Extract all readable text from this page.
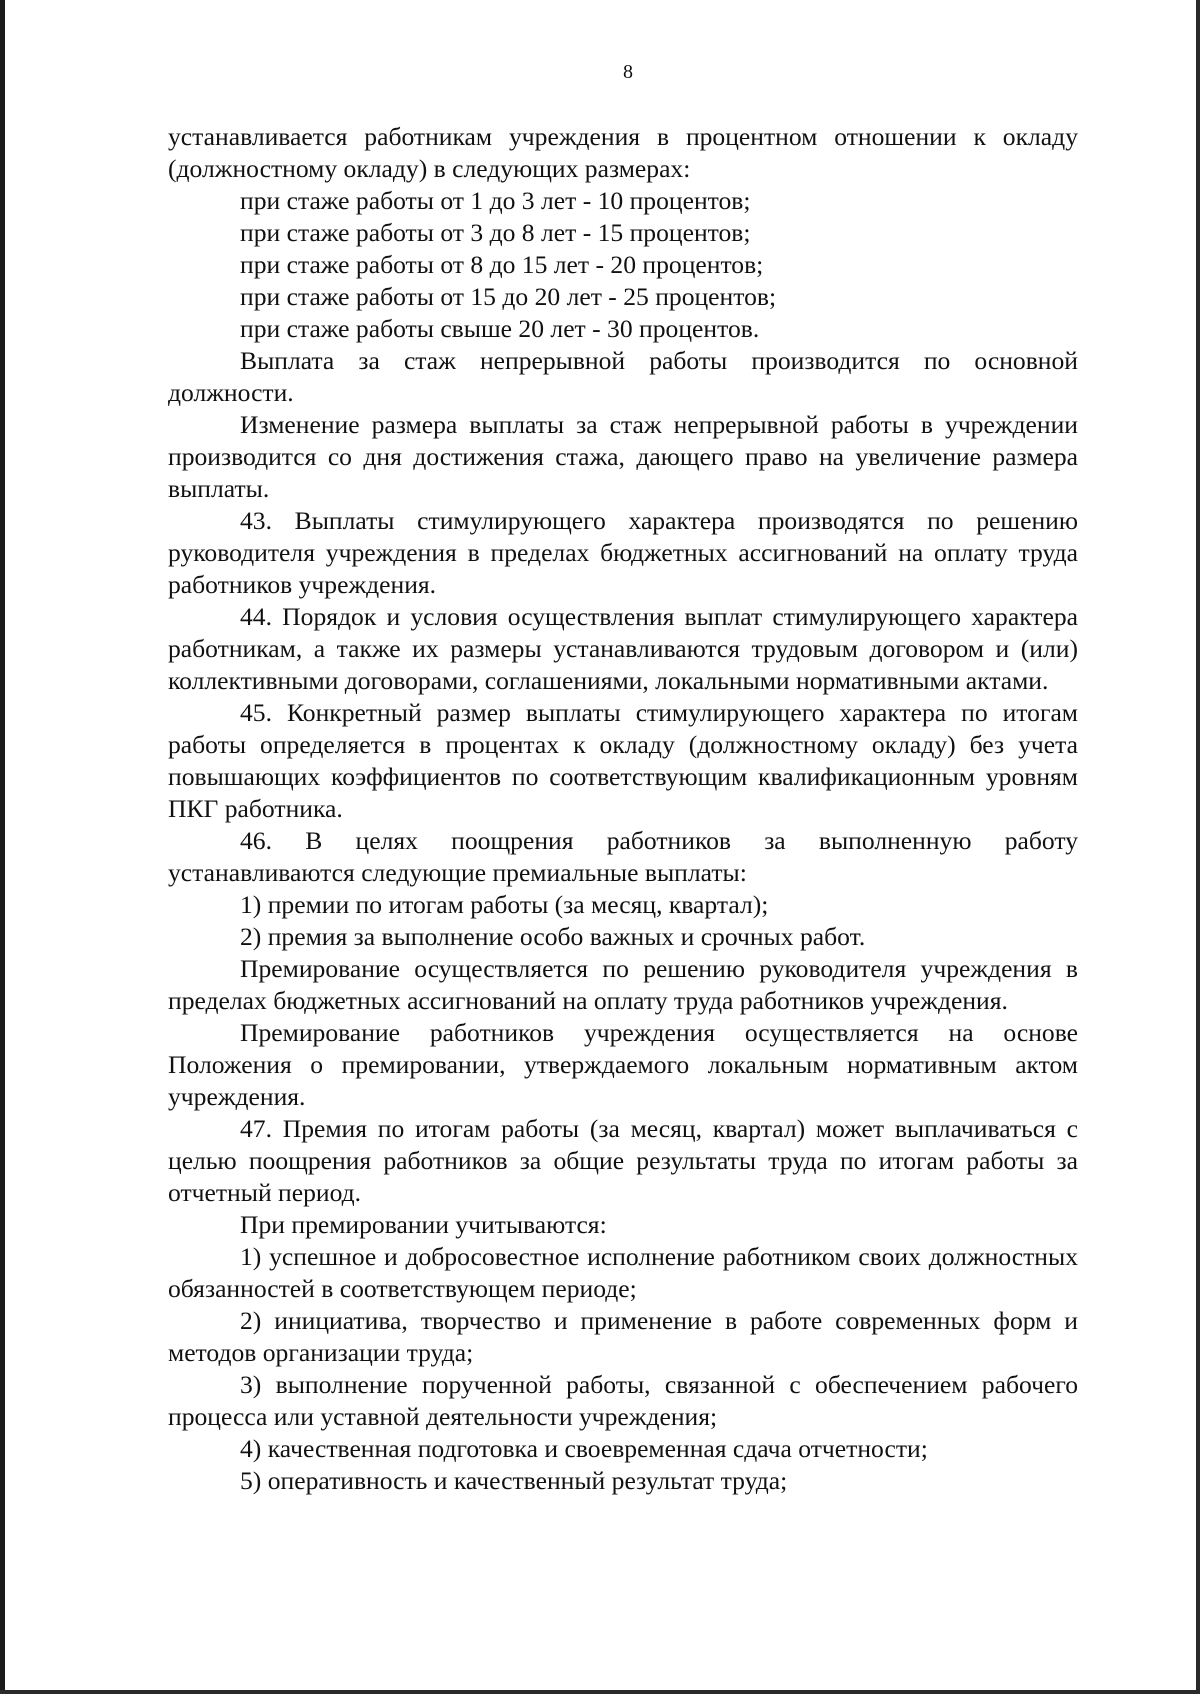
8

устанавливается работникам учреждения в процентном отношении к окладу (должностному окладу) в следующих размерах:

при стаже работы от 1 до 3 лет - 10 процентов;

при стаже работы от 3 до 8 лет - 15 процентов;

при стаже работы от 8 до 15 лет - 20 процентов;

при стаже работы от 15 до 20 лет - 25 процентов;

при стаже работы свыше 20 лет - 30 процентов.

Выплата за стаж непрерывной работы производится по основной должности.

Изменение размера выплаты за стаж непрерывной работы в учреждении производится со дня достижения стажа, дающего право на увеличение размера выплаты.

43. Выплаты стимулирующего характера производятся по решению руководителя учреждения в пределах бюджетных ассигнований на оплату труда работников учреждения.

44. Порядок и условия осуществления выплат стимулирующего характера работникам, а также их размеры устанавливаются трудовым договором и (или) коллективными договорами, соглашениями, локальными нормативными актами.

45. Конкретный размер выплаты стимулирующего характера по итогам работы определяется в процентах к окладу (должностному окладу) без учета повышающих коэффициентов по соответствующим квалификационным уровням ПКГ работника.

46. В целях поощрения работников за выполненную работу устанавливаются следующие премиальные выплаты:

1) премии по итогам работы (за месяц, квартал);

2) премия за выполнение особо важных и срочных работ.

Премирование осуществляется по решению руководителя учреждения в пределах бюджетных ассигнований на оплату труда работников учреждения.

Премирование работников учреждения осуществляется на основе Положения о премировании, утверждаемого локальным нормативным актом учреждения.

47. Премия по итогам работы (за месяц, квартал) может выплачиваться с целью поощрения работников за общие результаты труда по итогам работы за отчетный период.

При премировании учитываются:

1) успешное и добросовестное исполнение работником своих должностных обязанностей в соответствующем периоде;

2) инициатива, творчество и применение в работе современных форм и методов организации труда;

3) выполнение порученной работы, связанной с обеспечением рабочего процесса или уставной деятельности учреждения;

4) качественная подготовка и своевременная сдача отчетности;

5) оперативность и качественный результат труда;
